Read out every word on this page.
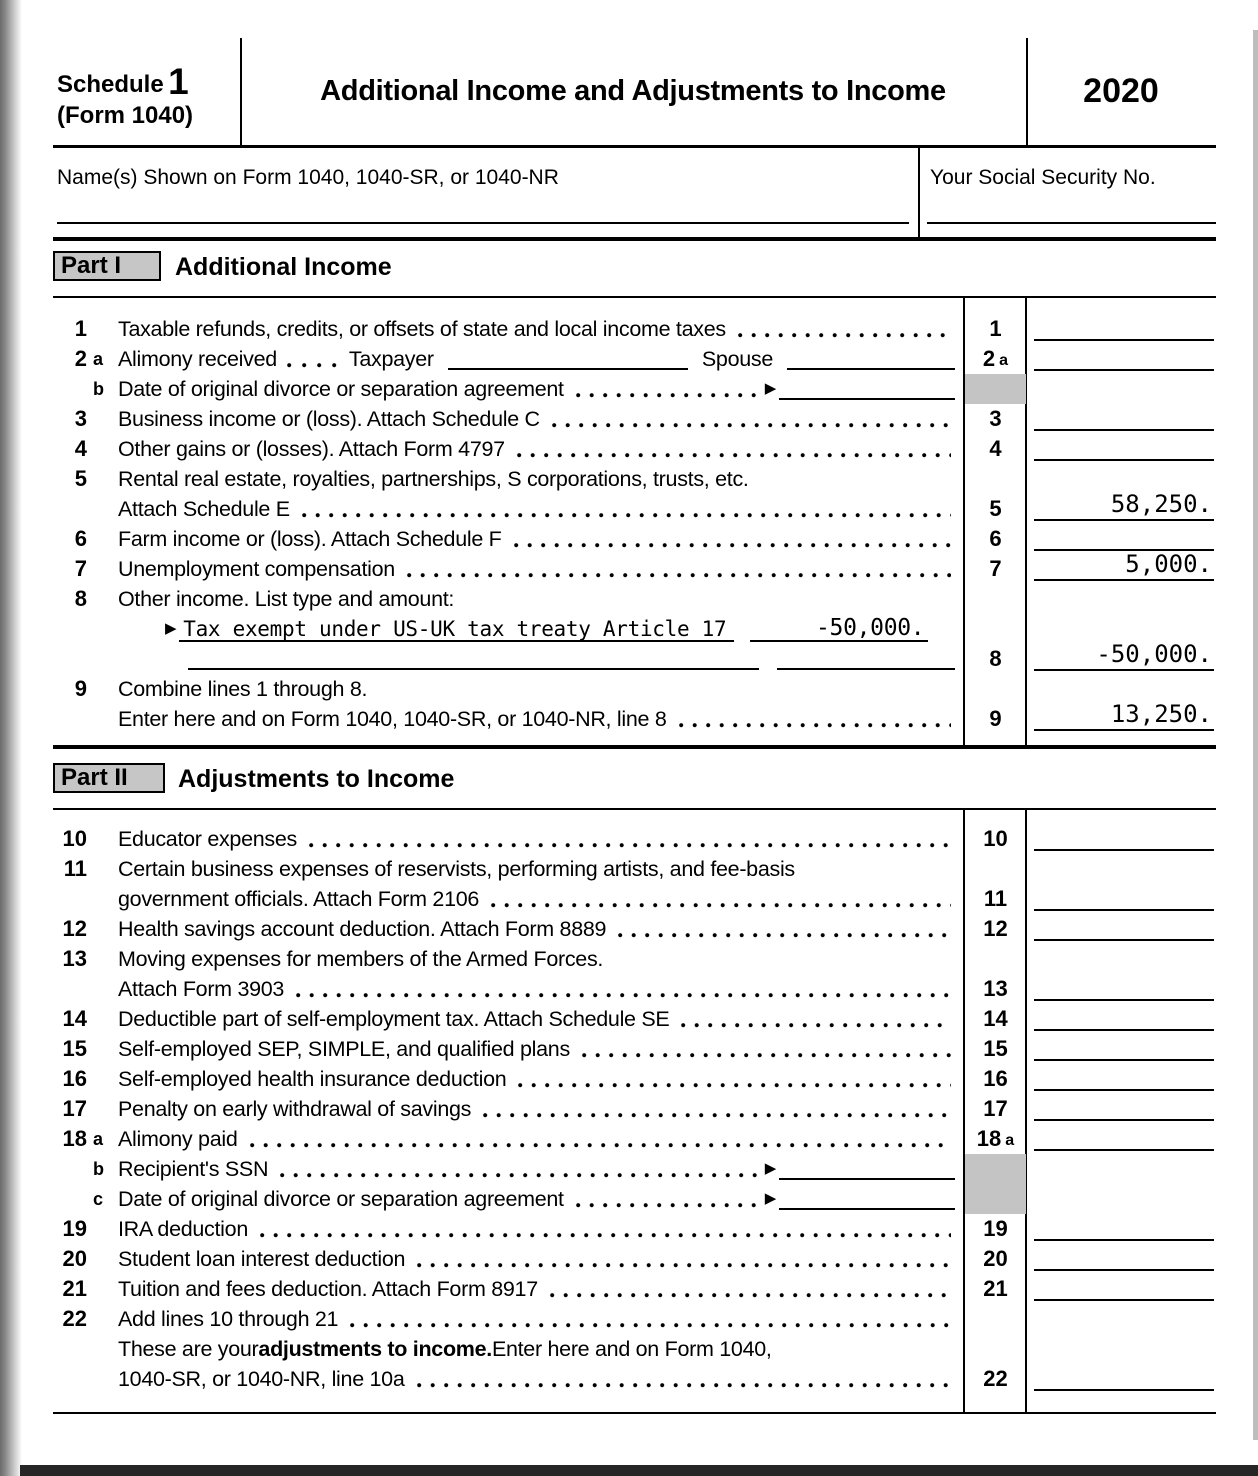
Schedule 1
(Form 1040)
Additional Income and Adjustments to Income	2020
Name(s) Shown on Form 1040, 1040-SR, or 1040-NR	Your Social Security No.
Part I	Additional Income
1 Taxable refunds, credits, or offsets of state and local income taxes	1
2 a Alimony received	Taxpayer	Spouse	2 a
b Date of original divorce or separation agreement	▶
3 Business income or (loss). Attach Schedule C	3
4 Other gains or (losses). Attach Form 4797	4
5 Rental real estate, royalties, partnerships, S corporations, trusts, etc.
Attach Schedule E	5	58,250.
6 Farm income or (loss). Attach Schedule F	6
7 Unemployment compensation	7	5,000.
8 Other income. List type and amount:
▶ Tax exempt under US-UK tax treaty Article 17	-50,000.
8	-50,000.
9 Combine lines 1 through 8.
Enter here and on Form 1040, 1040-SR, or 1040-NR, line 8	9	13,250.
Part II	Adjustments to Income
10 Educator expenses	10
11 Certain business expenses of reservists, performing artists, and fee-basis
government officials. Attach Form 2106	11
12 Health savings account deduction. Attach Form 8889	12
13 Moving expenses for members of the Armed Forces.
Attach Form 3903	13
14 Deductible part of self-employment tax. Attach Schedule SE	14
15 Self-employed SEP, SIMPLE, and qualified plans	15
16 Self-employed health insurance deduction	16
17 Penalty on early withdrawal of savings	17
18 a Alimony paid	18 a
b Recipient's SSN	▶
c Date of original divorce or separation agreement	▶
19 IRA deduction	19
20 Student loan interest deduction	20
21 Tuition and fees deduction. Attach Form 8917	21
22 Add lines 10 through 21
These are your adjustments to income. Enter here and on Form 1040,
1040-SR, or 1040-NR, line 10a	22
